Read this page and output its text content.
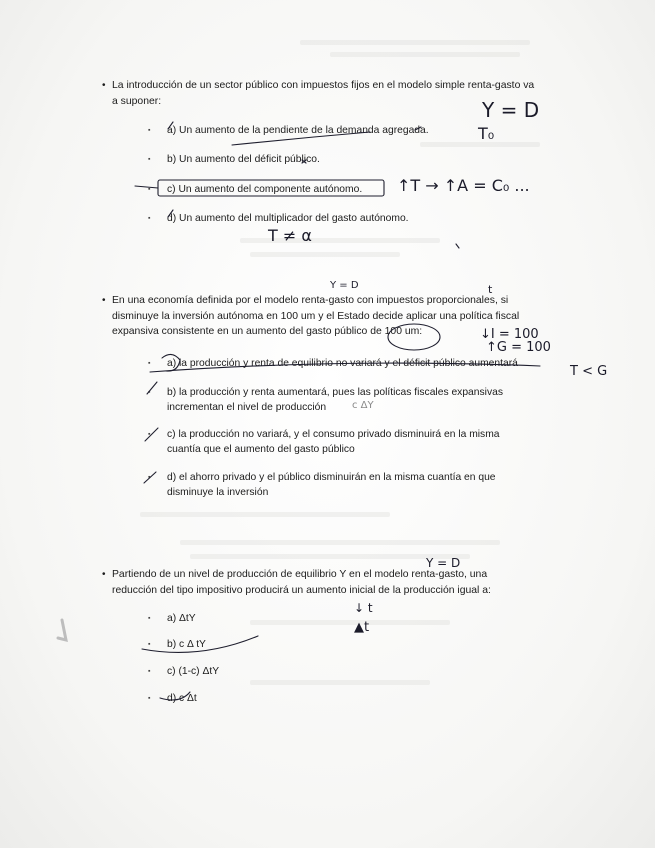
• La introducción de un sector público con impuestos fijos en el modelo simple renta-gasto va a suponer:
▪ a) Un aumento de la pendiente de la demanda agregada.
▪ b) Un aumento del déficit público.
▪ c) Un aumento del componente autónomo.
▪ d) Un aumento del multiplicador del gasto autónomo.
• En una economía definida por el modelo renta-gasto con impuestos proporcionales, si disminuye la inversión autónoma en 100 um y el Estado decide aplicar una política fiscal expansiva consistente en un aumento del gasto público de 100 um:
▪ a) la producción y renta de equilibrio no variará y el déficit público aumentará
▪ b) la producción y renta aumentará, pues las políticas fiscales expansivas incrementan el nivel de producción
▪ c) la producción no variará, y el consumo privado disminuirá en la misma cuantía que el aumento del gasto público
▪ d) el ahorro privado y el público disminuirán en la misma cuantía en que disminuye la inversión
• Partiendo de un nivel de producción de equilibrio Y en el modelo renta-gasto, una reducción del tipo impositivo producirá un aumento inicial de la producción igual a:
▪ a) ΔtY
▪ b) c Δ tY
▪ c) (1-c) ΔtY
▪ d) c Δt
Y = D
T₀
↑T → ↑A = C₀ ...
T ≠ α
Y = D	t
↓I = 100
↑G = 100
T < G
c ΔY
Y = D
↓ t
▲t
